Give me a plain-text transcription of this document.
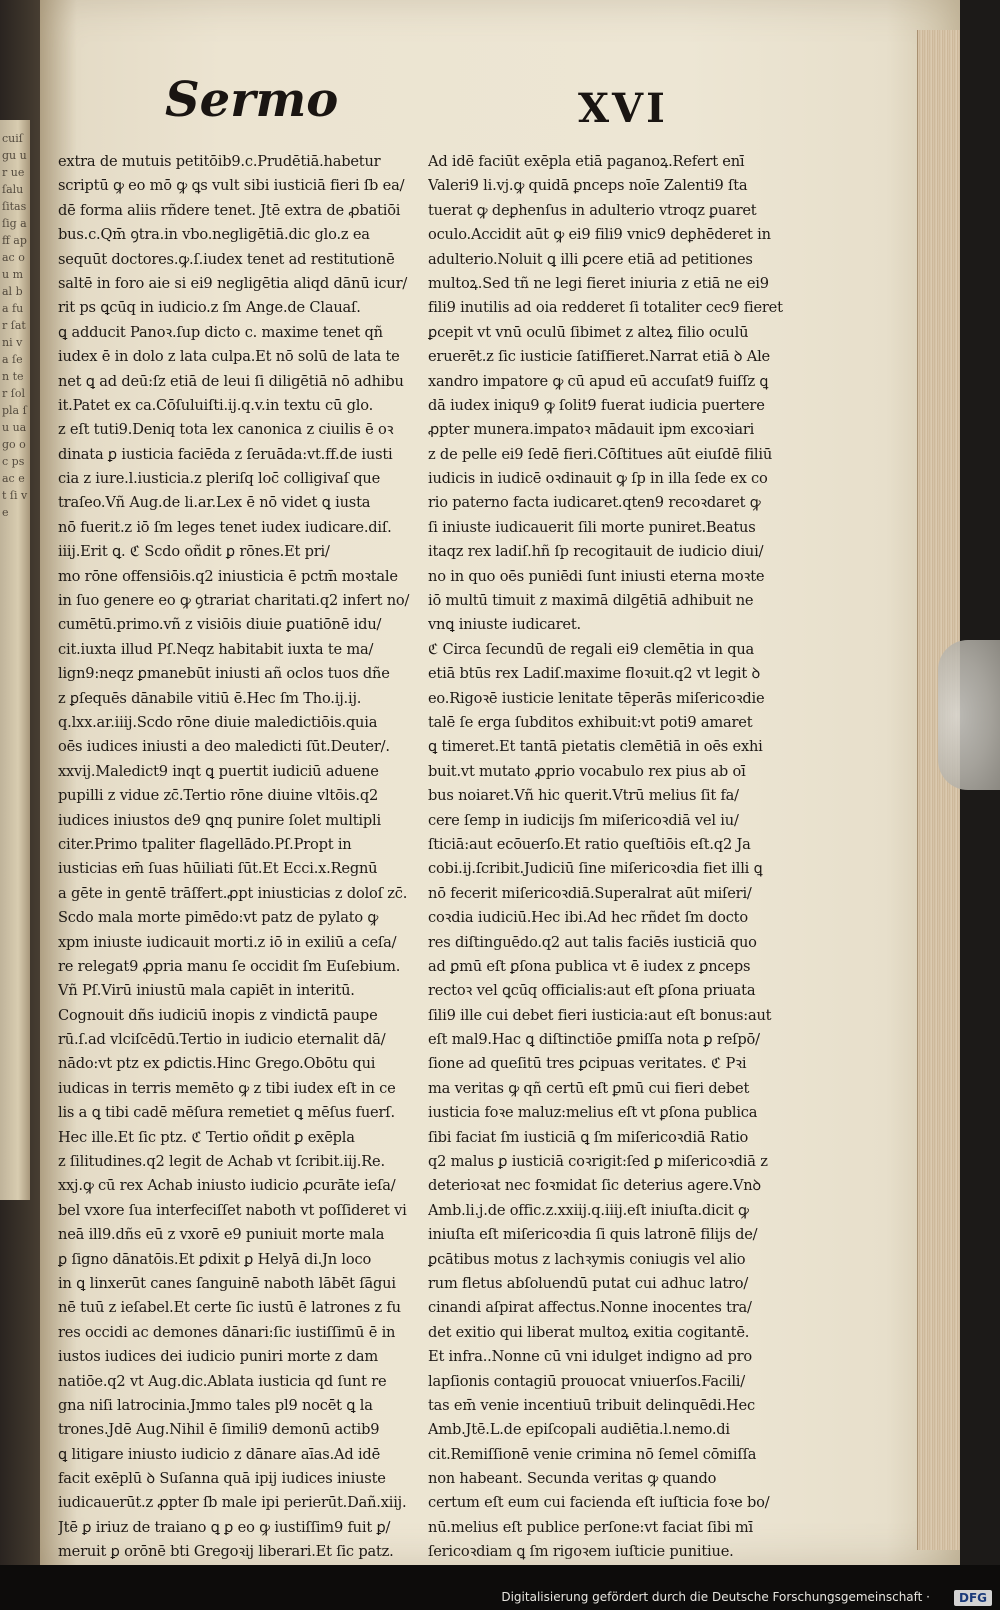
cuiſ gu ur ue ſalu ſitas ſig aff ap ac ou mal ba fur ſat ni va ſen ter ſol pla ſu ua go oc ps ac et ſi ve
Sermo	XVI
extra de mutuis petitōib9.c.Prudētiā.habetur
scriptū ꝙ eo mō ꝙ ꝗs vult sibi iusticiā fieri ſb ea/
dē forma aliis rñdere tenet. Jtē extra de ꝓbatiōi
bus.c.Qm̄ ꝯtra.in vbo.negligētiā.dic glo.z ea
sequūt doctores.ꝙ.ſ.iudex tenet ad restitutionē
saltē in foro aie si ei9 negligētia aliqd dānū icur/
rit ps ꝗcūq in iudicio.z ſm Ange.de Clauaſ.
ꝗ adducit Panoꝛ.ſup dicto c. maxime tenet qñ
iudex ē in dolo z lata culpa.Et nō solū de lata te
net ꝗ ad deū:ſz etiā de leui ſi diligētiā nō adhibu
it.Patet ex ca.Cōſuluiſti.ij.q.v.in textu cū glo.
z eſt tuti9.Deniq tota lex canonica z ciuilis ē oꝛ
dinata ꝑ iusticia faciēda z ſeruāda:vt.ff.de iusti
cia z iure.l.iusticia.z pleriſq loc̄ colligivaſ que
traſeo.Vñ Aug.de li.ar.Lex ē nō videt ꝗ iusta
nō fuerit.z iō ſm leges tenet iudex iudicare.diſ.
iiij.Erit ꝗ. ℭ Scdo oñdit ꝑ rōnes.Et pri/
mo rōne offensiōis.q2 iniusticia ē pctm̄ moꝛtale
in ſuo genere eo ꝙ ꝯtrariat charitati.q2 infert no/
cumētū.primo.vñ z visiōis diuie ꝑuatiōnē idu/
cit.iuxta illud Pſ.Neqz habitabit iuxta te ma/
lign9:neqz ꝑmanebūt iniusti añ oclos tuos dñe
z ꝑſequēs dānabile vitiū ē.Hec ſm Tho.ij.ij.
q.lxx.ar.iiij.Scdo rōne diuie maledictiōis.quia
oēs iudices iniusti a deo maledicti ſūt.Deuter/.
xxvij.Maledict9 inqt ꝗ puertit iudiciū aduene
pupilli z vidue zc̄.Tertio rōne diuine vltōis.q2
iudices iniustos de9 ꝗnq punire ſolet multipli
citer.Primo tpaliter flagellādo.Pſ.Propt in
iusticias em̄ ſuas hūiliati ſūt.Et Ecci.x.Regnū
a gēte in gentē trāſfert.ꝓpt iniusticias z doloſ zc̄.
Scdo mala morte pimēdo:vt patz de pylato ꝙ
xpm iniuste iudicauit morti.z iō in exiliū a ceſa/
re relegat9 ꝓpria manu ſe occidit ſm Euſebium.
Vñ Pſ.Virū iniustū mala capiēt in interitū.
Cognouit dñs iudiciū inopis z vindictā paupe
rū.ſ.ad vlciſcēdū.Tertio in iudicio eternalit dā/
nādo:vt ptz ex ꝑdictis.Hinc Grego.Obōtu qui
iudicas in terris memēto ꝙ z tibi iudex eſt in ce
lis a ꝗ tibi cadē mēſura remetiet ꝗ mēſus fuerſ.
Hec ille.Et ſic ptz. ℭ Tertio oñdit ꝑ exēpla
z ſilitudines.q2 legit de Achab vt ſcribit.iij.Re.
xxj.ꝙ cū rex Achab iniusto iudicio ꝓcurāte ieſa/
bel vxore ſua interfeciſſet naboth vt poſſideret vi
neā ill9.dñs eū z vxorē e9 puniuit morte mala
ꝑ ſigno dānatōis.Et ꝑdixit ꝑ Helyā di.Jn loco
in ꝗ linxerūt canes ſanguinē naboth lābēt ſāgui
nē tuū z ieſabel.Et certe ſic iustū ē latrones z fu
res occidi ac demones dānari:ſic iustiſſimū ē in
iustos iudices dei iudicio puniri morte z dam
natiōe.q2 vt Aug.dic.Ablata iusticia qd ſunt re
gna niſi latrocinia.Jmmo tales pl9 nocēt ꝗ la
trones.Jdē Aug.Nihil ē ſimili9 demonū actib9
ꝗ litigare iniusto iudicio z dānare aīas.Ad idē
facit exēplū ꝺ Suſanna quā ipij iudices iniuste
iudicauerūt.z ꝓpter ſb male ipi perierūt.Dañ.xiij.
Jtē ꝑ iriuz de traiano ꝗ ꝑ eo ꝙ iustiſſim9 fuit ꝑ/
meruit ꝑ orōnē bti Gregoꝛij liberari.Et ſic patz.
Ad idē faciūt exēpla etiā paganoꝝ.Refert enī
Valeri9 li.vj.ꝙ quidā ꝑnceps noīe Zalenti9 ſta
tuerat ꝙ deꝑhenſus in adulterio vtroqz ꝑuaret
oculo.Accidit aūt ꝙ ei9 fili9 vnic9 deꝑhēderet in
adulterio.Noluit ꝗ illi ꝑcere etiā ad petitiones
multoꝝ.Sed tñ ne legi fieret iniuria z etiā ne ei9
fili9 inutilis ad oia redderet ſi totaliter cec9 fieret
ꝑcepit vt vnū oculū ſibimet z alteꝝ filio oculū
eruerēt.z ſic iusticie ſatiſfieret.Narrat etiā ꝺ Ale
xandro impatore ꝙ cū apud eū accuſat9 fuiſſz ꝗ
dā iudex iniqu9 ꝙ ſolit9 fuerat iudicia puertere
ꝓpter munera.impatoꝛ mādauit ipm excoꝛiari
z de pelle ei9 ſedē fieri.Cōſtitues aūt eiuſdē filiū
iudicis in iudicē oꝛdinauit ꝙ ſp in illa ſede ex co
rio paterno facta iudicaret.qten9 recoꝛdaret ꝙ
ſi iniuste iudicauerit ſili morte puniret.Beatus
itaqz rex ladiſ.hñ ſp recogitauit de iudicio diui/
no in quo oēs puniēdi ſunt iniusti eterna moꝛte
iō multū timuit z maximā dilgētiā adhibuit ne
vnꝗ iniuste iudicaret.
ℭ Circa ſecundū de regali ei9 clemētia in qua
etiā btūs rex Ladiſ.maxime floꝛuit.q2 vt legit ꝺ
eo.Rigoꝛē iusticie lenitate tēperās miſericoꝛdie
talē ſe erga ſubditos exhibuit:vt poti9 amaret
ꝗ timeret.Et tantā pietatis clemētiā in oēs exhi
buit.vt mutato ꝓprio vocabulo rex pius ab oī
bus noiaret.Vñ hic querit.Vtrū melius ſit fa/
cere ſemp in iudicijs ſm miſericoꝛdiā vel iu/
ſticiā:aut ecōuerſo.Et ratio queſtiōis eſt.q2 Ja
cobi.ij.ſcribit.Judiciū ſine miſericoꝛdia fiet illi ꝗ
nō fecerit miſericoꝛdiā.Superalrat aūt miſeri/
coꝛdia iudiciū.Hec ibi.Ad hec rñdet ſm docto
res diſtinguēdo.q2 aut talis faciēs iusticiā quo
ad ꝑmū eſt ꝑſona publica vt ē iudex z ꝑnceps
rectoꝛ vel ꝗcūq officialis:aut eſt ꝑſona priuata
ſili9 ille cui debet fieri iusticia:aut eſt bonus:aut
eſt mal9.Hac ꝗ diſtinctiōe ꝑmiſſa nota ꝑ reſpō/
ſione ad queſitū tres ꝑcipuas veritates. ℭ Pꝛi
ma veritas ꝙ qñ certū eſt ꝑmū cui fieri debet
iusticia foꝛe maluz:melius eſt vt ꝑſona publica
ſibi faciat ſm iusticiā ꝗ ſm miſericoꝛdiā Ratio
q2 malus ꝑ iusticiā coꝛrigit:ſed ꝑ miſericoꝛdiā z
deterioꝛat nec foꝛmidat ſic deterius agere.Vnꝺ
Amb.li.j.de offic.z.xxiij.q.iiij.eſt iniuſta.dicit ꝙ
iniuſta eſt miſericoꝛdia ſi quis latronē filijs de/
ꝑcātibus motus z lachꝛymis coniugis vel alio
rum fletus abſoluendū putat cui adhuc latro/
cinandi aſpirat affectus.Nonne inocentes tra/
det exitio qui liberat multoꝝ exitia cogitantē.
Et infra..Nonne cū vni idulget indigno ad pro
lapſionis contagiū prouocat vniuerſos.Facili/
tas em̄ venie incentiuū tribuit delinquēdi.Hec
Amb.Jtē.L.de epiſcopali audiētia.l.nemo.di
cit.Remiſſionē venie crimina nō ſemel cōmiſſa
non habeant. Secunda veritas ꝙ quando
certum eſt eum cui facienda eſt iuſticia foꝛe bo/
nū.melius eſt publice perſone:vt faciat ſibi mī
ſericoꝛdiam ꝗ ſm rigoꝛem iuſticie punitiue.
Digitalisierung gefördert durch die Deutsche Forschungsgemeinschaft ·	DFG
